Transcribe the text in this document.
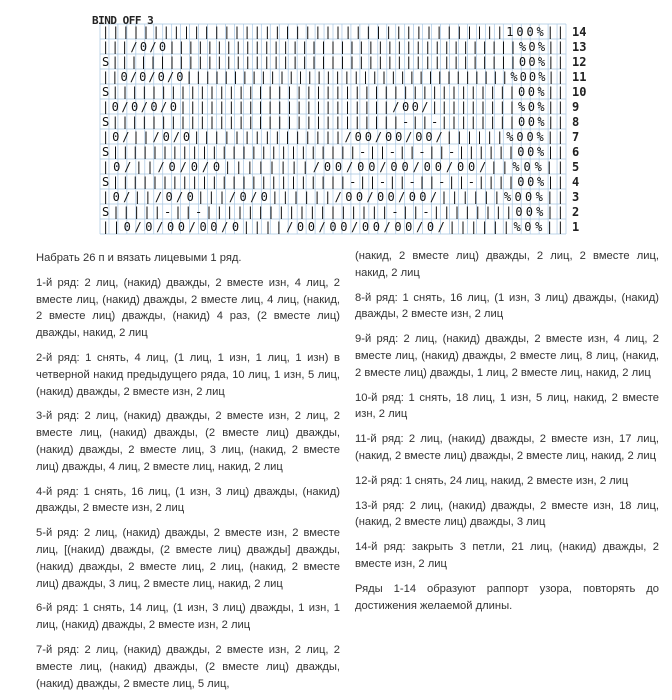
||||||||||||||||||||||||||||||||||||||||100%||
|||/0/0|||||||||||||||||||||||||||||||||||||%0%||
S|||||||||||||||||||||||||||||||||||||||||||00%||
||0/0/0/0|||||||||||||||||||||||||||||||||||%00%||
S||||||||||||||||||||||||||||||||||||||||||00%||
|0/0/0/0||||||||||||||||||||||/00/|||||||||%0%||
S||||||||||||||||||||||||||||||-||-||||||||00%||
|0/||/0/0|||||||||||||||/00/00/00/||||||%00%||
S|||||||||||||||||||||||||-||-||-||-||||||00%||
|0/||/0/0/0||||||||/00/00/00/00/00/||%0%||
S||||||||||||||||||||||||-||-||-||-||-||||00%||
|0/||/0/0|||/0/0||||||/00/00/00/||||||%00%||
S|||||-||-||||||||||||||||||-||-||||||||00%||
||0/0/00/00/0||||/00/00/00/00/0/||||||%0%||
BIND OFF 3
14
13
12
11
10
9
8
7
6
5
4
3
2
1

Набрать 26 п и вязать лицевыми 1 ряд.

1-й ряд: 2 лиц, (накид) дважды, 2 вместе изн, 4 лиц, 2 вместе лиц, (накид) дважды, 2 вместе лиц, 4 лиц, (накид, 2 вместе лиц) дважды, (накид) 4 раз, (2 вместе лиц) дважды, накид, 2 лиц

2-й ряд: 1 снять, 4 лиц, (1 лиц, 1 изн, 1 лиц, 1 изн) в четверной накид предыдущего ряда, 10 лиц, 1 изн, 5 лиц, (накид) дважды, 2 вместе изн, 2 лиц

3-й ряд: 2 лиц, (накид) дважды, 2 вместе изн, 2 лиц, 2 вместе лиц, (накид) дважды, (2 вместе лиц) дважды, (накид) дважды, 2 вместе лиц, 3 лиц, (накид, 2 вместе лиц) дважды, 4 лиц, 2 вместе лиц, накид, 2 лиц

4-й ряд: 1 снять, 16 лиц, (1 изн, 3 лиц) дважды, (накид) дважды, 2 вместе изн, 2 лиц

5-й ряд: 2 лиц, (накид) дважды, 2 вместе изн, 2 вместе лиц, [(накид) дважды, (2 вместе лиц) дважды] дважды, (накид) дважды, 2 вместе лиц, 2 лиц, (накид, 2 вместе лиц) дважды, 3 лиц, 2 вместе лиц, накид, 2 лиц

6-й ряд: 1 снять, 14 лиц, (1 изн, 3 лиц) дважды, 1 изн, 1 лиц, (накид) дважды, 2 вместе изн, 2 лиц

7-й ряд: 2 лиц, (накид) дважды, 2 вместе изн, 2 лиц, 2 вместе лиц, (накид) дважды, (2 вместе лиц) дважды, (накид) дважды, 2 вместе лиц, 5 лиц,

(накид, 2 вместе лиц) дважды, 2 лиц, 2 вместе лиц, накид, 2 лиц

8-й ряд: 1 снять, 16 лиц, (1 изн, 3 лиц) дважды, (накид) дважды, 2 вместе изн, 2 лиц

9-й ряд: 2 лиц, (накид) дважды, 2 вместе изн, 4 лиц, 2 вместе лиц, (накид) дважды, 2 вместе лиц, 8 лиц, (накид, 2 вместе лиц) дважды, 1 лиц, 2 вместе лиц, накид, 2 лиц

10-й ряд: 1 снять, 18 лиц, 1 изн, 5 лиц, накид, 2 вместе изн, 2 лиц

11-й ряд: 2 лиц, (накид) дважды, 2 вместе изн, 17 лиц, (накид, 2 вместе лиц) дважды, 2 вместе лиц, накид, 2 лиц

12-й ряд: 1 снять, 24 лиц, накид, 2 вместе изн, 2 лиц

13-й ряд: 2 лиц, (накид) дважды, 2 вместе изн, 18 лиц, (накид, 2 вместе лиц) дважды, 3 лиц

14-й ряд: закрыть 3 петли, 21 лиц, (накид) дважды, 2 вместе изн, 2 лиц

Ряды 1-14 образуют раппорт узора, повторять до достижения желаемой длины.
